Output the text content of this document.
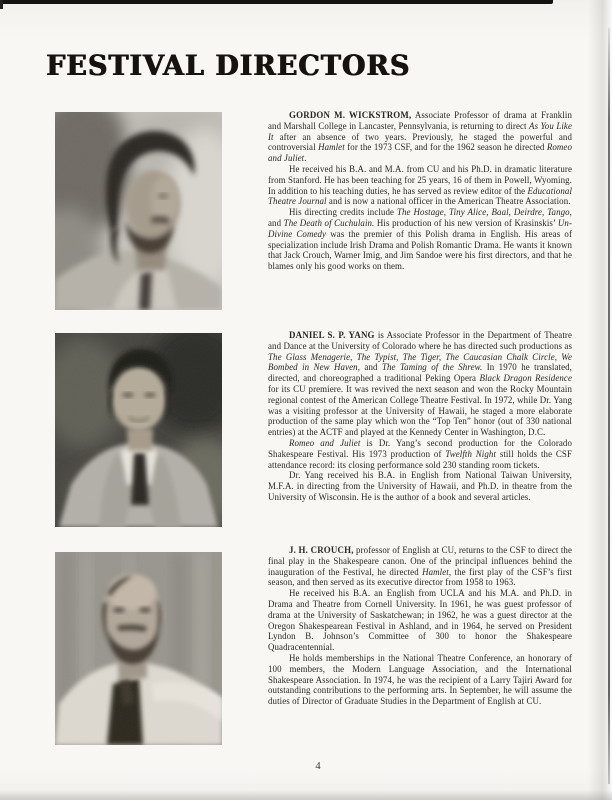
FESTIVAL DIRECTORS

GORDON M. WICKSTROM, Associate Professor of drama at Franklin and Marshall College in Lancaster, Pennsylvania, is returning to direct As You Like It after an absence of two years. Previously, he staged the powerful and controversial Hamlet for the 1973 CSF, and for the 1962 season he directed Romeo and Juliet.

He received his B.A. and M.A. from CU and his Ph.D. in dramatic literature from Stanford. He has been teaching for 25 years, 16 of them in Powell, Wyoming. In addition to his teaching duties, he has served as review editor of the Educational Theatre Journal and is now a national officer in the American Theatre Association.

His directing credits include The Hostage, Tiny Alice, Baal, Deirdre, Tango, and The Death of Cuchulain. His production of his new version of Krasinskis’ Un-Divine Comedy was the premier of this Polish drama in English. His areas of specialization include Irish Drama and Polish Romantic Drama. He wants it known that Jack Crouch, Warner Imig, and Jim Sandoe were his first directors, and that he blames only his good works on them.

DANIEL S. P. YANG is Associate Professor in the Department of Theatre and Dance at the University of Colorado where he has directed such productions as The Glass Menagerie, The Typist, The Tiger, The Caucasian Chalk Circle, We Bombed in New Haven, and The Taming of the Shrew. In 1970 he translated, directed, and choreographed a traditional Peking Opera Black Dragon Residence for its CU premiere. It was revived the next season and won the Rocky Mountain regional contest of the American College Theatre Festival. In 1972, while Dr. Yang was a visiting professor at the University of Hawaii, he staged a more elaborate production of the same play which won the “Top Ten” honor (out of 330 national entries) at the ACTF and played at the Kennedy Center in Washington, D.C.

Romeo and Juliet is Dr. Yang’s second production for the Colorado Shakespeare Festival. His 1973 production of Twelfth Night still holds the CSF attendance record: its closing performance sold 230 standing room tickets.

Dr. Yang received his B.A. in English from National Taiwan University, M.F.A. in directing from the University of Hawaii, and Ph.D. in theatre from the University of Wisconsin. He is the author of a book and several articles.

J. H. CROUCH, professor of English at CU, returns to the CSF to direct the final play in the Shakespeare canon. One of the principal influences behind the inauguration of the Festival, he directed Hamlet, the first play of the CSF’s first season, and then served as its executive director from 1958 to 1963.

He received his B.A. an English from UCLA and his M.A. and Ph.D. in Drama and Theatre from Cornell University. In 1961, he was guest professor of drama at the University of Saskatchewan; in 1962, he was a guest director at the Oregon Shakespearean Festival in Ashland, and in 1964, he served on President Lyndon B. Johnson’s Committee of 300 to honor the Shakespeare Quadracentennial.

He holds memberships in the National Theatre Conference, an honorary of 100 members, the Modern Language Association, and the International Shakespeare Association. In 1974, he was the recipient of a Larry Tajiri Award for outstanding contributions to the performing arts. In September, he will assume the duties of Director of Graduate Studies in the Department of English at CU.

4
